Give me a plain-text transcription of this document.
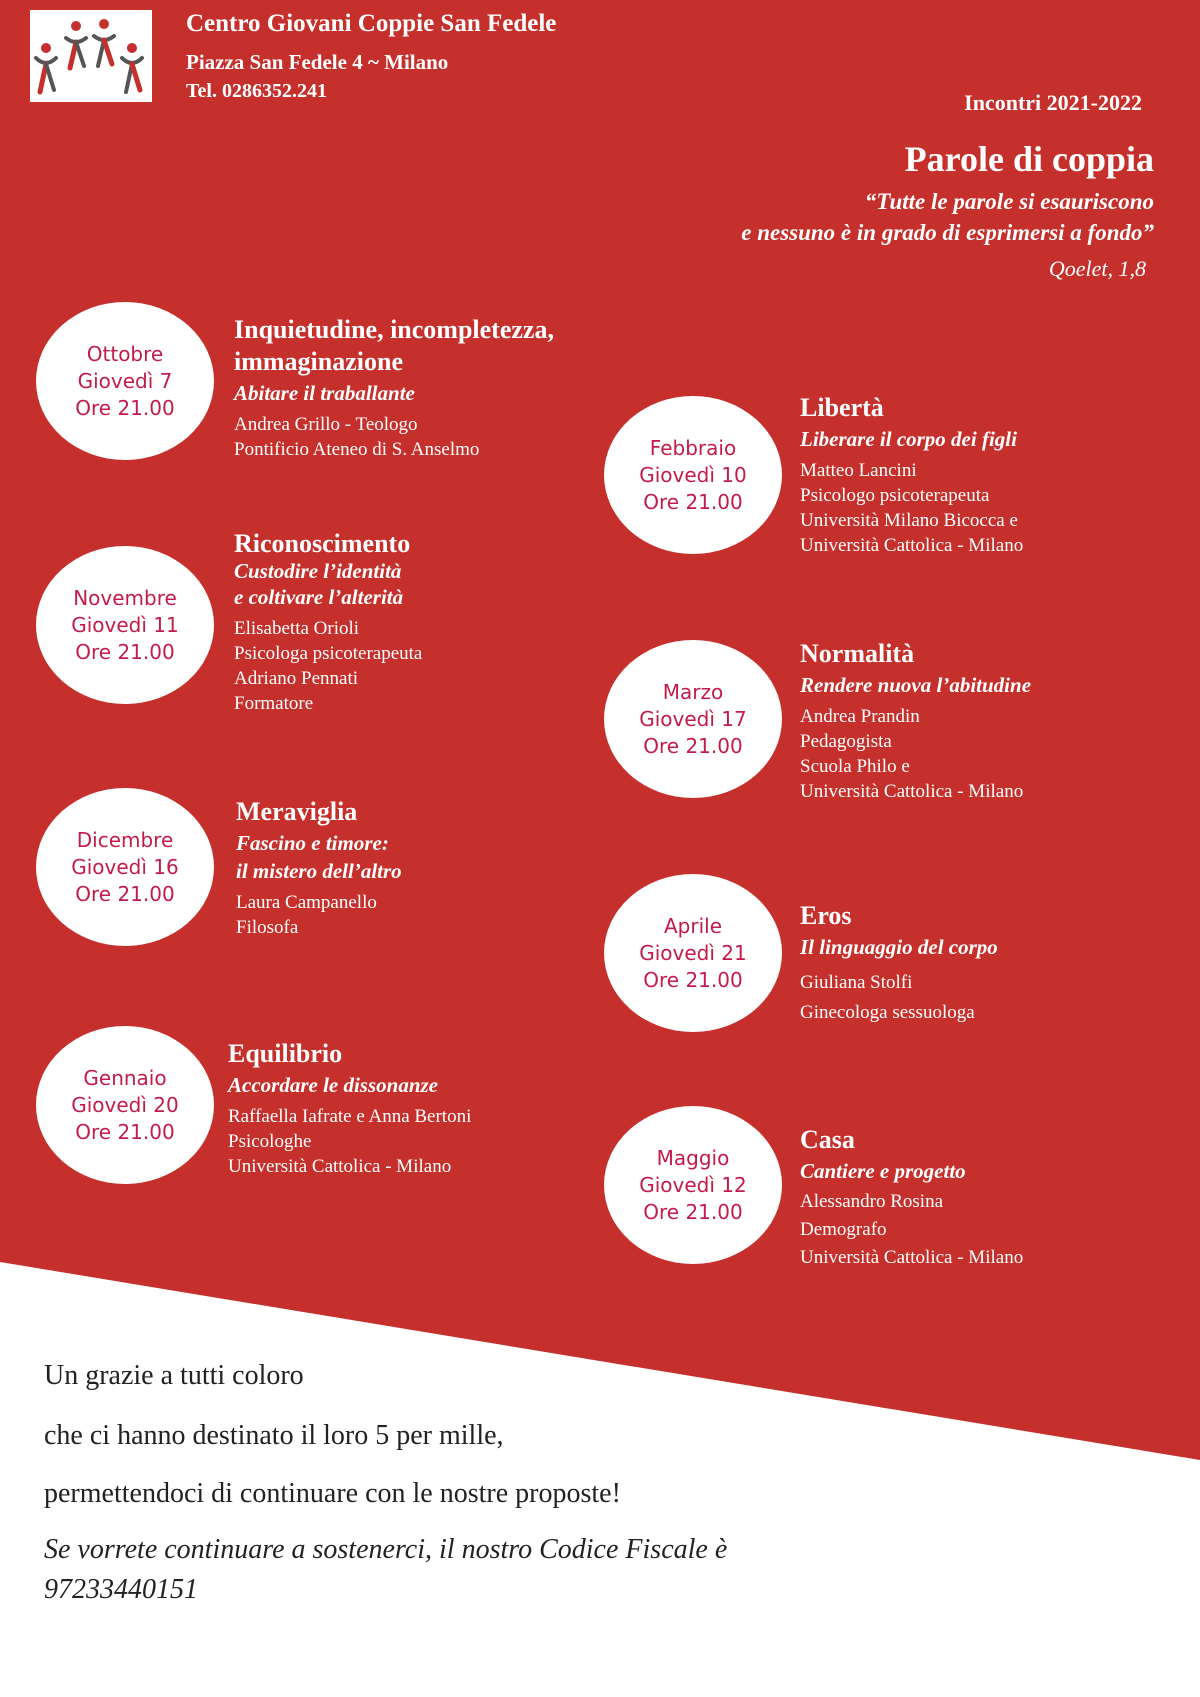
Centro Giovani Coppie San Fedele
Piazza San Fedele 4 ~ Milano
Tel. 0286352.241	Incontri 2021-2022
Parole di coppia
“Tutte le parole si esauriscono
e nessuno è in grado di esprimersi a fondo”
Qoelet, 1,8
Ottobre
Giovedì 7
Ore 21.00
Inquietudine, incompletezza,
immaginazione
Abitare il traballante
Andrea Grillo - Teologo
Pontificio Ateneo di S. Anselmo
Novembre
Giovedì 11
Ore 21.00
Riconoscimento
Custodire l’identità
e coltivare l’alterità
Elisabetta Orioli
Psicologa psicoterapeuta
Adriano Pennati
Formatore
Dicembre
Giovedì 16
Ore 21.00
Meraviglia
Fascino e timore:
il mistero dell’altro
Laura Campanello
Filosofa
Gennaio
Giovedì 20
Ore 21.00
Equilibrio
Accordare le dissonanze
Raffaella Iafrate e Anna Bertoni
Psicologhe
Università Cattolica - Milano
Febbraio
Giovedì 10
Ore 21.00
Libertà
Liberare il corpo dei figli
Matteo Lancini
Psicologo psicoterapeuta
Università Milano Bicocca e
Università Cattolica - Milano
Marzo
Giovedì 17
Ore 21.00
Normalità
Rendere nuova l’abitudine
Andrea Prandin
Pedagogista
Scuola Philo e
Università Cattolica - Milano
Aprile
Giovedì 21
Ore 21.00
Eros
Il linguaggio del corpo
Giuliana Stolfi
Ginecologa sessuologa
Maggio
Giovedì 12
Ore 21.00
Casa
Cantiere e progetto
Alessandro Rosina
Demografo
Università Cattolica - Milano
Un grazie a tutti coloro
che ci hanno destinato il loro 5 per mille,
permettendoci di continuare con le nostre proposte!
Se vorrete continuare a sostenerci, il nostro Codice Fiscale è
97233440151
